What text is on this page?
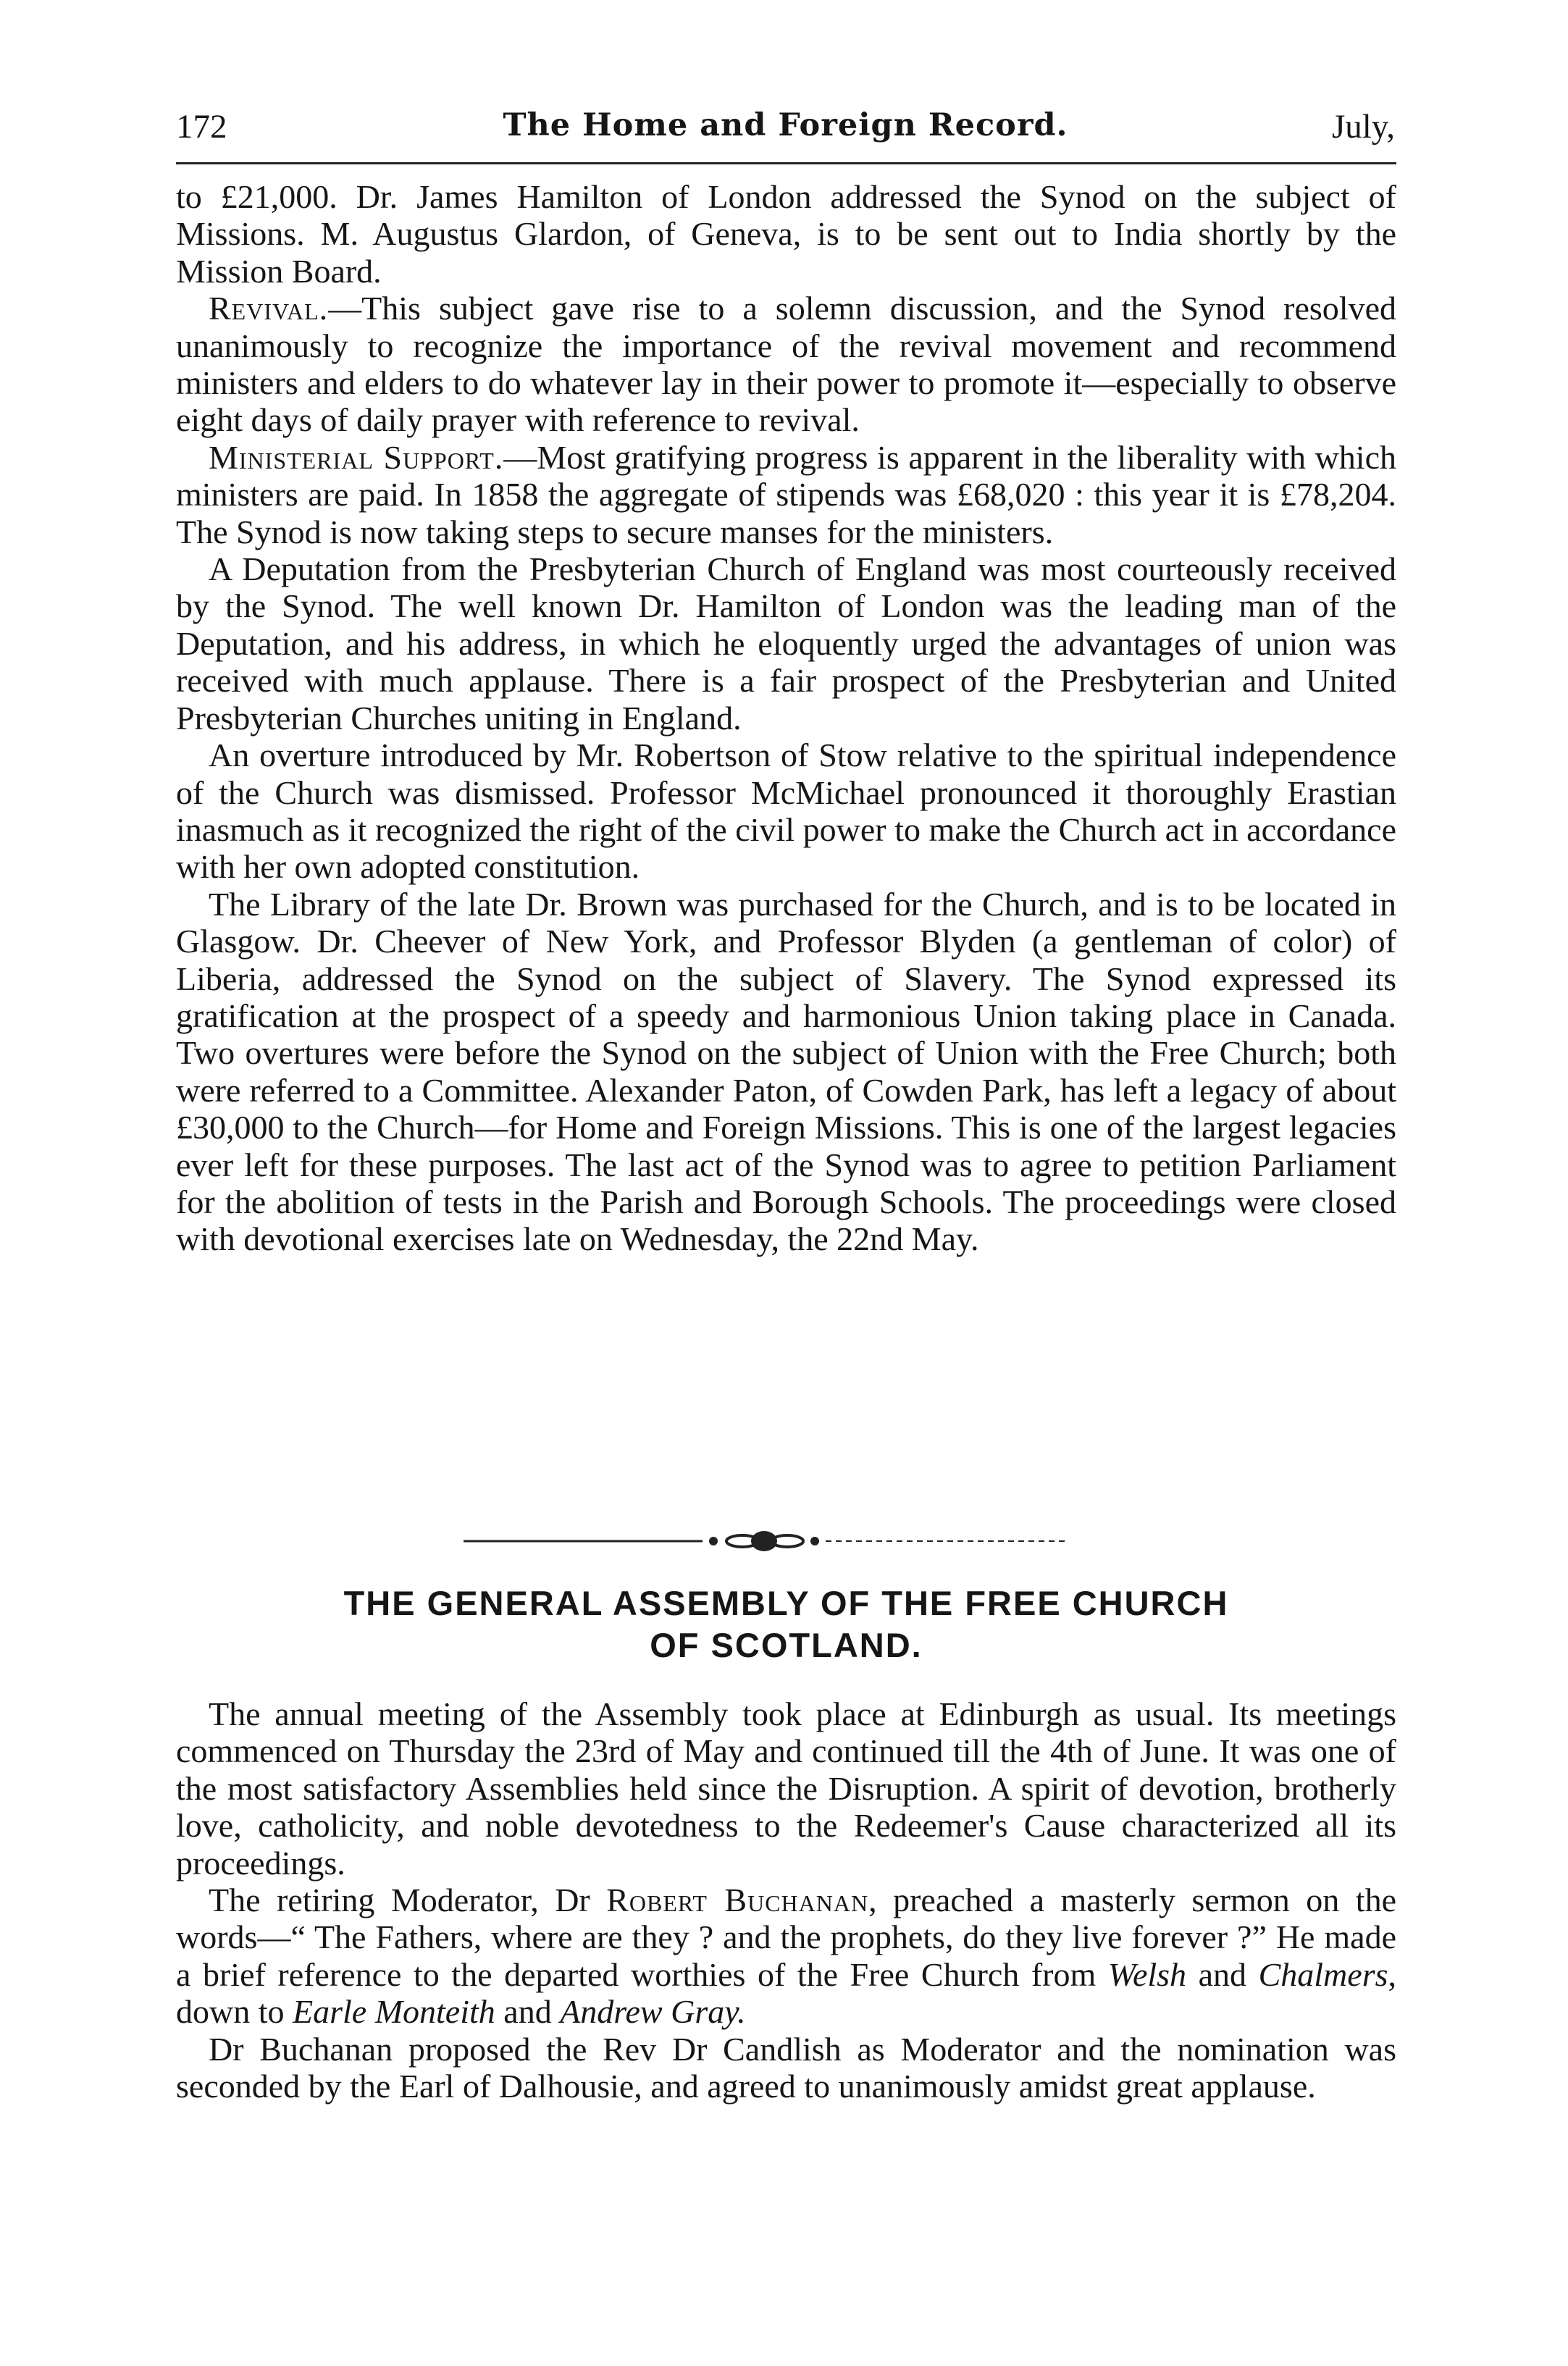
172	The Home and Foreign Record.	July,

to £21,000. Dr. James Hamilton of London addressed the Synod on the subject of Missions. M. Augustus Glardon, of Geneva, is to be sent out to India shortly by the Mission Board.

Revival.—This subject gave rise to a solemn discussion, and the Synod resolved unanimously to recognize the importance of the revival movement and recommend ministers and elders to do whatever lay in their power to promote it—especially to observe eight days of daily prayer with reference to revival.

Ministerial Support.—Most gratifying progress is apparent in the liberality with which ministers are paid. In 1858 the aggregate of stipends was £68,020 : this year it is £78,204. The Synod is now taking steps to secure manses for the ministers.

A Deputation from the Presbyterian Church of England was most courteously received by the Synod. The well known Dr. Hamilton of London was the leading man of the Deputation, and his address, in which he eloquently urged the advantages of union was received with much applause. There is a fair prospect of the Presbyterian and United Presbyterian Churches uniting in England.

An overture introduced by Mr. Robertson of Stow relative to the spiritual independence of the Church was dismissed. Professor McMichael pronounced it thoroughly Erastian inasmuch as it recognized the right of the civil power to make the Church act in accordance with her own adopted constitution.

The Library of the late Dr. Brown was purchased for the Church, and is to be located in Glasgow. Dr. Cheever of New York, and Professor Blyden (a gentleman of color) of Liberia, addressed the Synod on the subject of Slavery. The Synod expressed its gratification at the prospect of a speedy and harmonious Union taking place in Canada. Two overtures were before the Synod on the subject of Union with the Free Church; both were referred to a Committee. Alexander Paton, of Cowden Park, has left a legacy of about £30,000 to the Church—for Home and Foreign Missions. This is one of the largest legacies ever left for these purposes. The last act of the Synod was to agree to petition Parliament for the abolition of tests in the Parish and Borough Schools. The proceedings were closed with devotional exercises late on Wednesday, the 22nd May.

THE GENERAL ASSEMBLY OF THE FREE CHURCH
OF SCOTLAND.

The annual meeting of the Assembly took place at Edinburgh as usual. Its meetings commenced on Thursday the 23rd of May and continued till the 4th of June. It was one of the most satisfactory Assemblies held since the Disruption. A spirit of devotion, brotherly love, catholicity, and noble devotedness to the Redeemer's Cause characterized all its proceedings.

The retiring Moderator, Dr Robert Buchanan, preached a masterly sermon on the words—“ The Fathers, where are they ? and the prophets, do they live forever ?” He made a brief reference to the departed worthies of the Free Church from Welsh and Chalmers, down to Earle Monteith and Andrew Gray.

Dr Buchanan proposed the Rev Dr Candlish as Moderator and the nomination was seconded by the Earl of Dalhousie, and agreed to unanimously amidst great applause.
